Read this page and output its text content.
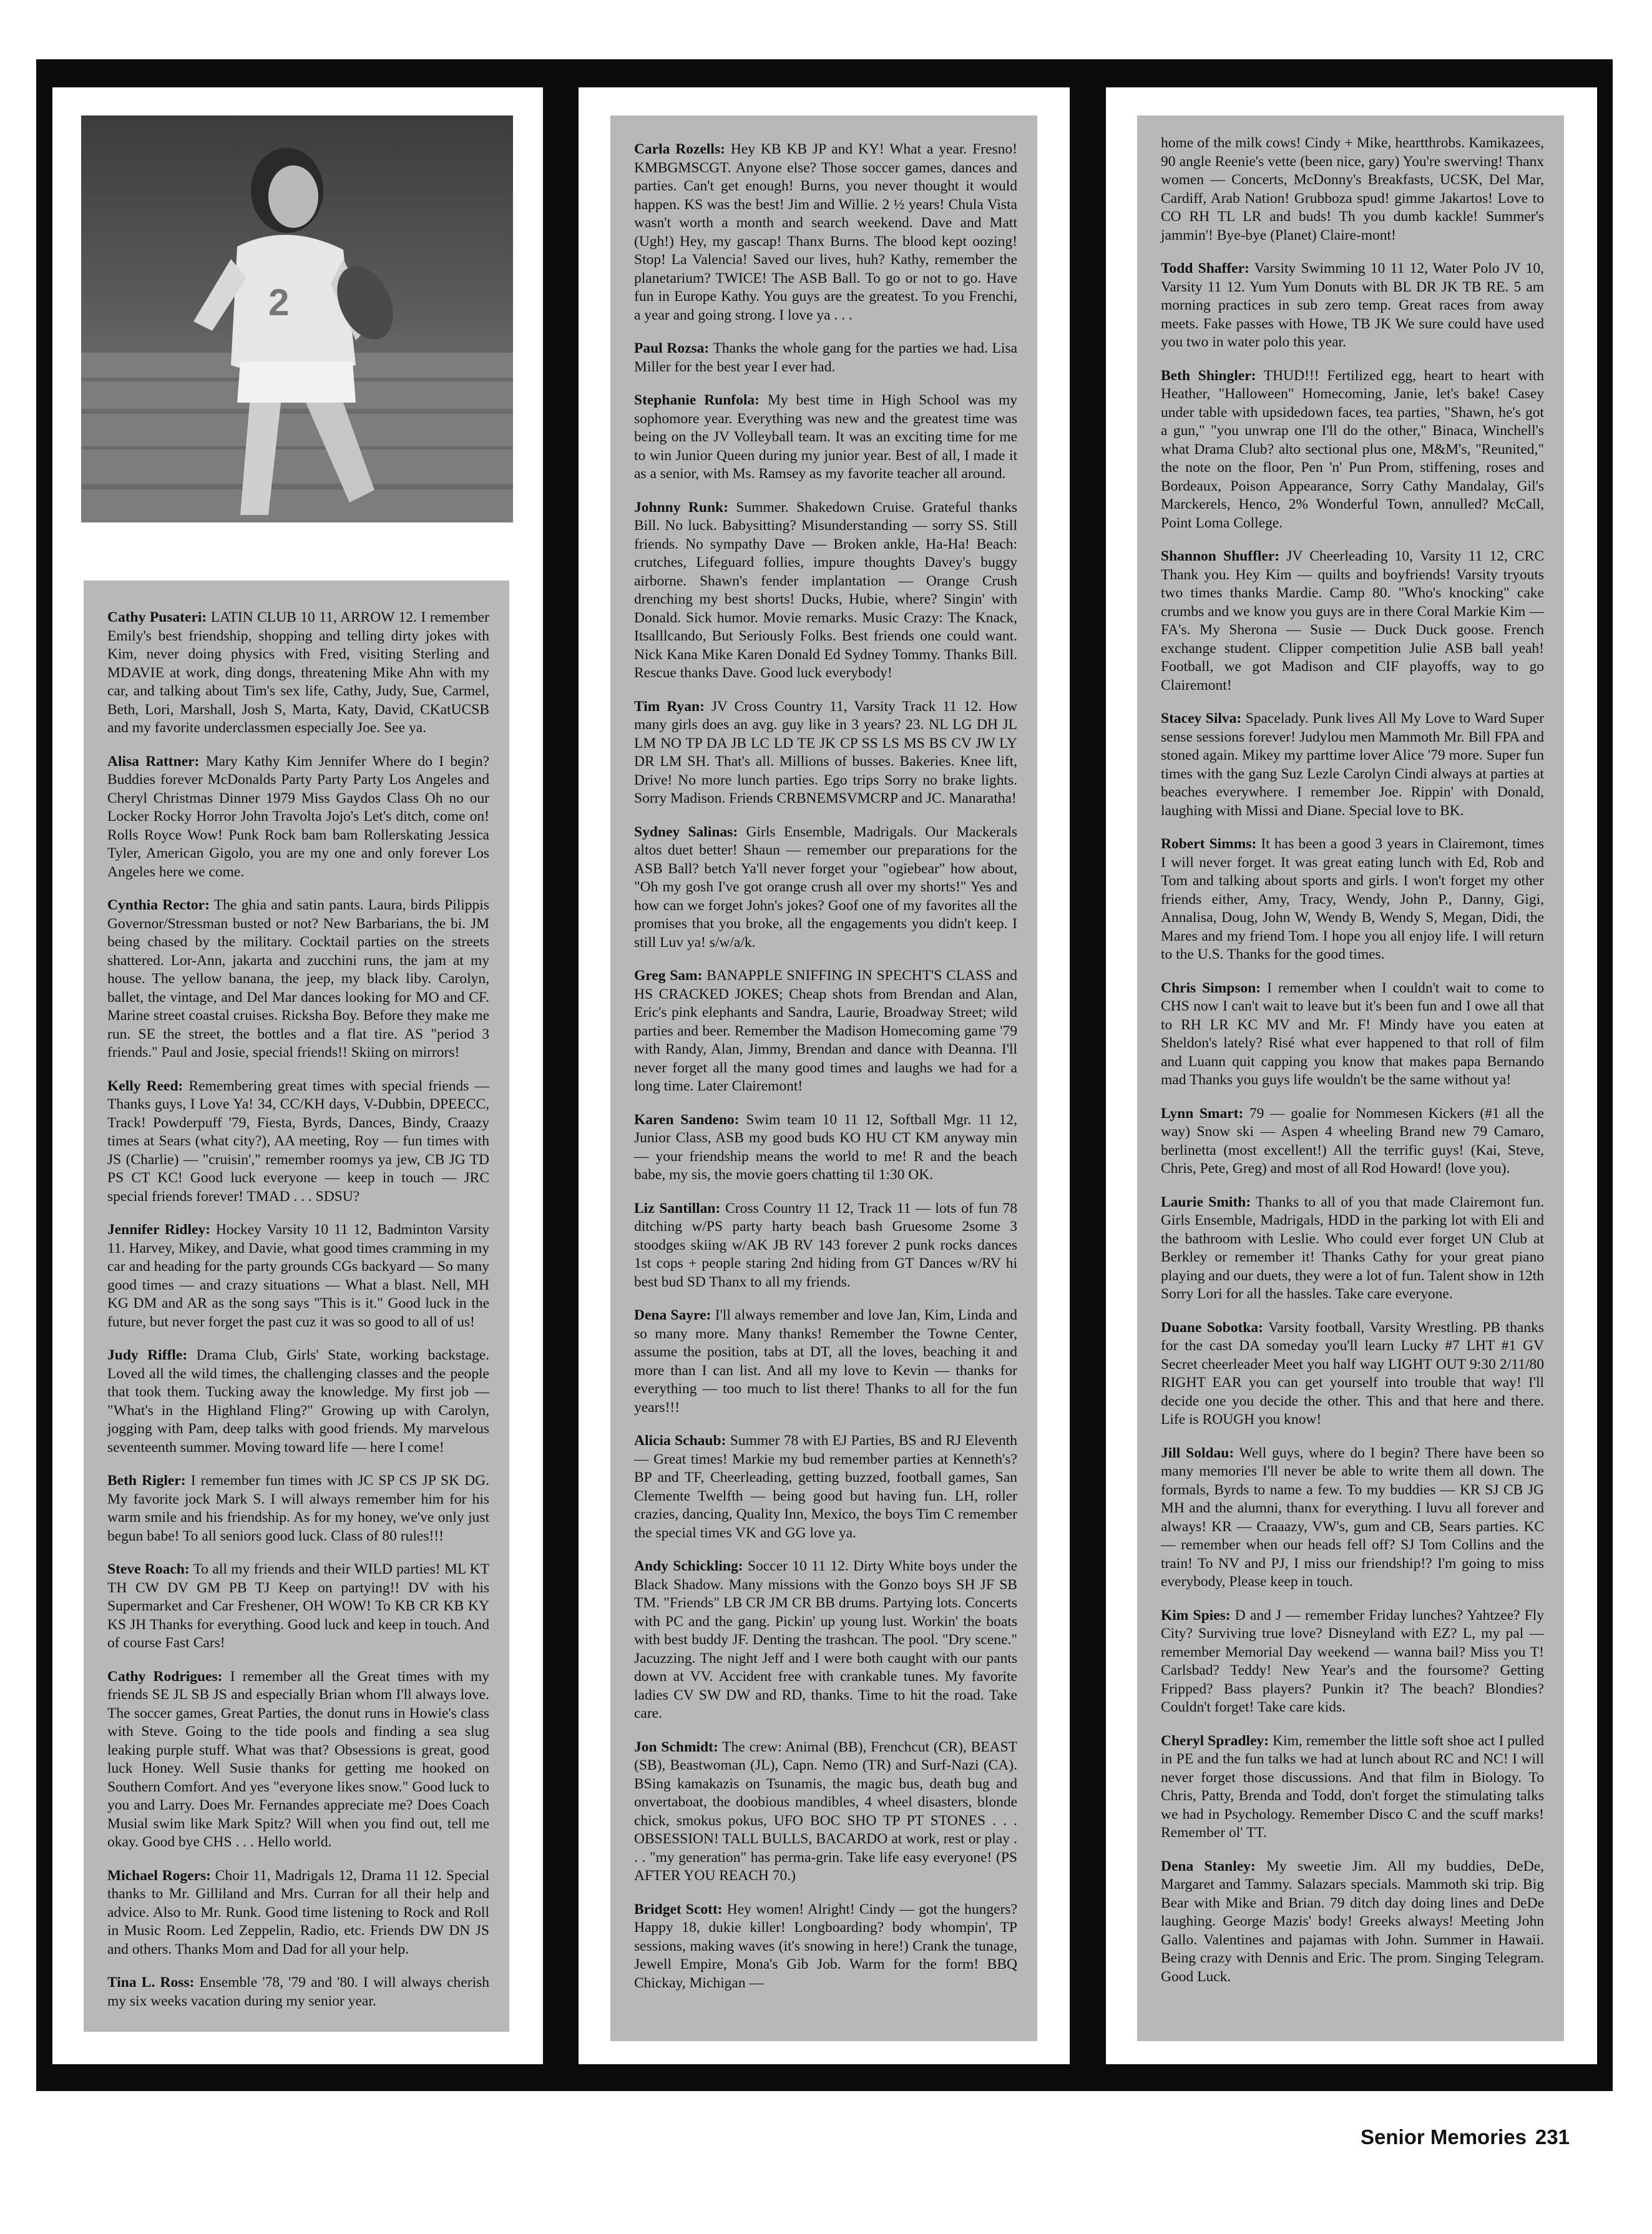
2

Cathy Pusateri: LATIN CLUB 10 11, ARROW 12. I remember Emily's best friendship, shopping and telling dirty jokes with Kim, never doing physics with Fred, visiting Sterling and MDAVIE at work, ding dongs, threatening Mike Ahn with my car, and talking about Tim's sex life, Cathy, Judy, Sue, Carmel, Beth, Lori, Marshall, Josh S, Marta, Katy, David, CKatUCSB and my favorite underclassmen especially Joe. See ya.

Alisa Rattner: Mary Kathy Kim Jennifer Where do I begin? Buddies forever McDonalds Party Party Party Los Angeles and Cheryl Christmas Dinner 1979 Miss Gaydos Class Oh no our Locker Rocky Horror John Travolta Jojo's Let's ditch, come on! Rolls Royce Wow! Punk Rock bam bam Rollerskating Jessica Tyler, American Gigolo, you are my one and only forever Los Angeles here we come.

Cynthia Rector: The ghia and satin pants. Laura, birds Pilippis Governor/Stressman busted or not? New Barbarians, the bi. JM being chased by the military. Cocktail parties on the streets shattered. Lor-Ann, jakarta and zucchini runs, the jam at my house. The yellow banana, the jeep, my black liby. Carolyn, ballet, the vintage, and Del Mar dances looking for MO and CF. Marine street coastal cruises. Ricksha Boy. Before they make me run. SE the street, the bottles and a flat tire. AS "period 3 friends." Paul and Josie, special friends!! Skiing on mirrors!

Kelly Reed: Remembering great times with special friends — Thanks guys, I Love Ya! 34, CC/KH days, V-Dubbin, DPEECC, Track! Powderpuff '79, Fiesta, Byrds, Dances, Bindy, Craazy times at Sears (what city?), AA meeting, Roy — fun times with JS (Charlie) — "cruisin'," remember roomys ya jew, CB JG TD PS CT KC! Good luck everyone — keep in touch — JRC special friends forever! TMAD . . . SDSU?

Jennifer Ridley: Hockey Varsity 10 11 12, Badminton Varsity 11. Harvey, Mikey, and Davie, what good times cramming in my car and heading for the party grounds CGs backyard — So many good times — and crazy situations — What a blast. Nell, MH KG DM and AR as the song says "This is it." Good luck in the future, but never forget the past cuz it was so good to all of us!

Judy Riffle: Drama Club, Girls' State, working backstage. Loved all the wild times, the challenging classes and the people that took them. Tucking away the knowledge. My first job — "What's in the Highland Fling?" Growing up with Carolyn, jogging with Pam, deep talks with good friends. My marvelous seventeenth summer. Moving toward life — here I come!

Beth Rigler: I remember fun times with JC SP CS JP SK DG. My favorite jock Mark S. I will always remember him for his warm smile and his friendship. As for my honey, we've only just begun babe! To all seniors good luck. Class of 80 rules!!!

Steve Roach: To all my friends and their WILD parties! ML KT TH CW DV GM PB TJ Keep on partying!! DV with his Supermarket and Car Freshener, OH WOW! To KB CR KB KY KS JH Thanks for everything. Good luck and keep in touch. And of course Fast Cars!

Cathy Rodrigues: I remember all the Great times with my friends SE JL SB JS and especially Brian whom I'll always love. The soccer games, Great Parties, the donut runs in Howie's class with Steve. Going to the tide pools and finding a sea slug leaking purple stuff. What was that? Obsessions is great, good luck Honey. Well Susie thanks for getting me hooked on Southern Comfort. And yes "everyone likes snow." Good luck to you and Larry. Does Mr. Fernandes appreciate me? Does Coach Musial swim like Mark Spitz? Will when you find out, tell me okay. Good bye CHS . . . Hello world.

Michael Rogers: Choir 11, Madrigals 12, Drama 11 12. Special thanks to Mr. Gilliland and Mrs. Curran for all their help and advice. Also to Mr. Runk. Good time listening to Rock and Roll in Music Room. Led Zeppelin, Radio, etc. Friends DW DN JS and others. Thanks Mom and Dad for all your help.

Tina L. Ross: Ensemble '78, '79 and '80. I will always cherish my six weeks vacation during my senior year.

Carla Rozells: Hey KB KB JP and KY! What a year. Fresno! KMBGMSCGT. Anyone else? Those soccer games, dances and parties. Can't get enough! Burns, you never thought it would happen. KS was the best! Jim and Willie. 2 ½ years! Chula Vista wasn't worth a month and search weekend. Dave and Matt (Ugh!) Hey, my gascap! Thanx Burns. The blood kept oozing! Stop! La Valencia! Saved our lives, huh? Kathy, remember the planetarium? TWICE! The ASB Ball. To go or not to go. Have fun in Europe Kathy. You guys are the greatest. To you Frenchi, a year and going strong. I love ya . . .

Paul Rozsa: Thanks the whole gang for the parties we had. Lisa Miller for the best year I ever had.

Stephanie Runfola: My best time in High School was my sophomore year. Everything was new and the greatest time was being on the JV Volleyball team. It was an exciting time for me to win Junior Queen during my junior year. Best of all, I made it as a senior, with Ms. Ramsey as my favorite teacher all around.

Johnny Runk: Summer. Shakedown Cruise. Grateful thanks Bill. No luck. Babysitting? Misunderstanding — sorry SS. Still friends. No sympathy Dave — Broken ankle, Ha-Ha! Beach: crutches, Lifeguard follies, impure thoughts Davey's buggy airborne. Shawn's fender implantation — Orange Crush drenching my best shorts! Ducks, Hubie, where? Singin' with Donald. Sick humor. Movie remarks. Music Crazy: The Knack, Itsalllcando, But Seriously Folks. Best friends one could want. Nick Kana Mike Karen Donald Ed Sydney Tommy. Thanks Bill. Rescue thanks Dave. Good luck everybody!

Tim Ryan: JV Cross Country 11, Varsity Track 11 12. How many girls does an avg. guy like in 3 years? 23. NL LG DH JL LM NO TP DA JB LC LD TE JK CP SS LS MS BS CV JW LY DR LM SH. That's all. Millions of busses. Bakeries. Knee lift, Drive! No more lunch parties. Ego trips Sorry no brake lights. Sorry Madison. Friends CRBNEMSVMCRP and JC. Manaratha!

Sydney Salinas: Girls Ensemble, Madrigals. Our Mackerals altos duet better! Shaun — remember our preparations for the ASB Ball? betch Ya'll never forget your "ogiebear" how about, "Oh my gosh I've got orange crush all over my shorts!" Yes and how can we forget John's jokes? Goof one of my favorites all the promises that you broke, all the engagements you didn't keep. I still Luv ya! s/w/a/k.

Greg Sam: BANAPPLE SNIFFING IN SPECHT'S CLASS and HS CRACKED JOKES; Cheap shots from Brendan and Alan, Eric's pink elephants and Sandra, Laurie, Broadway Street; wild parties and beer. Remember the Madison Homecoming game '79 with Randy, Alan, Jimmy, Brendan and dance with Deanna. I'll never forget all the many good times and laughs we had for a long time. Later Clairemont!

Karen Sandeno: Swim team 10 11 12, Softball Mgr. 11 12, Junior Class, ASB my good buds KO HU CT KM anyway min — your friendship means the world to me! R and the beach babe, my sis, the movie goers chatting til 1:30 OK.

Liz Santillan: Cross Country 11 12, Track 11 — lots of fun 78 ditching w/PS party harty beach bash Gruesome 2some 3 stoodges skiing w/AK JB RV 143 forever 2 punk rocks dances 1st cops + people staring 2nd hiding from GT Dances w/RV hi best bud SD Thanx to all my friends.

Dena Sayre: I'll always remember and love Jan, Kim, Linda and so many more. Many thanks! Remember the Towne Center, assume the position, tabs at DT, all the loves, beaching it and more than I can list. And all my love to Kevin — thanks for everything — too much to list there! Thanks to all for the fun years!!!

Alicia Schaub: Summer 78 with EJ Parties, BS and RJ Eleventh — Great times! Markie my bud remember parties at Kenneth's? BP and TF, Cheerleading, getting buzzed, football games, San Clemente Twelfth — being good but having fun. LH, roller crazies, dancing, Quality Inn, Mexico, the boys Tim C remember the special times VK and GG love ya.

Andy Schickling: Soccer 10 11 12. Dirty White boys under the Black Shadow. Many missions with the Gonzo boys SH JF SB TM. "Friends" LB CR JM CR BB drums. Partying lots. Concerts with PC and the gang. Pickin' up young lust. Workin' the boats with best buddy JF. Denting the trashcan. The pool. "Dry scene." Jacuzzing. The night Jeff and I were both caught with our pants down at VV. Accident free with crankable tunes. My favorite ladies CV SW DW and RD, thanks. Time to hit the road. Take care.

Jon Schmidt: The crew: Animal (BB), Frenchcut (CR), BEAST (SB), Beastwoman (JL), Capn. Nemo (TR) and Surf-Nazi (CA). BSing kamakazis on Tsunamis, the magic bus, death bug and onvertaboat, the doobious mandibles, 4 wheel disasters, blonde chick, smokus pokus, UFO BOC SHO TP PT STONES . . . OBSESSION! TALL BULLS, BACARDO at work, rest or play . . . "my generation" has perma-grin. Take life easy everyone! (PS AFTER YOU REACH 70.)

Bridget Scott: Hey women! Alright! Cindy — got the hungers? Happy 18, dukie killer! Longboarding? body whompin', TP sessions, making waves (it's snowing in here!) Crank the tunage, Jewell Empire, Mona's Gib Job. Warm for the form! BBQ Chickay, Michigan —

home of the milk cows! Cindy + Mike, heartthrobs. Kamikazees, 90 angle Reenie's vette (been nice, gary) You're swerving! Thanx women — Concerts, McDonny's Breakfasts, UCSK, Del Mar, Cardiff, Arab Nation! Grubboza spud! gimme Jakartos! Love to CO RH TL LR and buds! Th you dumb kackle! Summer's jammin'! Bye-bye (Planet) Claire-mont!

Todd Shaffer: Varsity Swimming 10 11 12, Water Polo JV 10, Varsity 11 12. Yum Yum Donuts with BL DR JK TB RE. 5 am morning practices in sub zero temp. Great races from away meets. Fake passes with Howe, TB JK We sure could have used you two in water polo this year.

Beth Shingler: THUD!!! Fertilized egg, heart to heart with Heather, "Halloween" Homecoming, Janie, let's bake! Casey under table with upsidedown faces, tea parties, "Shawn, he's got a gun," "you unwrap one I'll do the other," Binaca, Winchell's what Drama Club? alto sectional plus one, M&M's, "Reunited," the note on the floor, Pen 'n' Pun Prom, stiffening, roses and Bordeaux, Poison Appearance, Sorry Cathy Mandalay, Gil's Marckerels, Henco, 2% Wonderful Town, annulled? McCall, Point Loma College.

Shannon Shuffler: JV Cheerleading 10, Varsity 11 12, CRC Thank you. Hey Kim — quilts and boyfriends! Varsity tryouts two times thanks Mardie. Camp 80. "Who's knocking" cake crumbs and we know you guys are in there Coral Markie Kim — FA's. My Sheronа — Susie — Duck Duck goose. French exchange student. Clipper competition Julie ASB ball yeah! Football, we got Madison and CIF playoffs, way to go Clairemont!

Stacey Silva: Spacelady. Punk lives All My Love to Ward Super sense sessions forever! Judylou men Mammoth Mr. Bill FPA and stoned again. Mikey my parttime lover Alice '79 more. Super fun times with the gang Suz Lezle Carolyn Cindi always at parties at beaches everywhere. I remember Joe. Rippin' with Donald, laughing with Missi and Diane. Special love to BK.

Robert Simms: It has been a good 3 years in Clairemont, times I will never forget. It was great eating lunch with Ed, Rob and Tom and talking about sports and girls. I won't forget my other friends either, Amy, Tracy, Wendy, John P., Danny, Gigi, Annalisa, Doug, John W, Wendy B, Wendy S, Megan, Didi, the Mares and my friend Tom. I hope you all enjoy life. I will return to the U.S. Thanks for the good times.

Chris Simpson: I remember when I couldn't wait to come to CHS now I can't wait to leave but it's been fun and I owe all that to RH LR KC MV and Mr. F! Mindy have you eaten at Sheldon's lately? Risé what ever happened to that roll of film and Luann quit capping you know that makes papa Bernando mad Thanks you guys life wouldn't be the same without ya!

Lynn Smart: 79 — goalie for Nommesen Kickers (#1 all the way) Snow ski — Aspen 4 wheeling Brand new 79 Camaro, berlinetta (most excellent!) All the terrific guys! (Kai, Steve, Chris, Pete, Greg) and most of all Rod Howard! (love you).

Laurie Smith: Thanks to all of you that made Clairemont fun. Girls Ensemble, Madrigals, HDD in the parking lot with Eli and the bathroom with Leslie. Who could ever forget UN Club at Berkley or remember it! Thanks Cathy for your great piano playing and our duets, they were a lot of fun. Talent show in 12th Sorry Lori for all the hassles. Take care everyone.

Duane Sobotka: Varsity football, Varsity Wrestling. PB thanks for the cast DA someday you'll learn Lucky #7 LHT #1 GV Secret cheerleader Meet you half way LIGHT OUT 9:30 2/11/80 RIGHT EAR you can get yourself into trouble that way! I'll decide one you decide the other. This and that here and there. Life is ROUGH you know!

Jill Soldau: Well guys, where do I begin? There have been so many memories I'll never be able to write them all down. The formals, Byrds to name a few. To my buddies — KR SJ CB JG MH and the alumni, thanx for everything. I luvu all forever and always! KR — Craaazy, VW's, gum and CB, Sears parties. KC — remember when our heads fell off? SJ Tom Collins and the train! To NV and PJ, I miss our friendship!? I'm going to miss everybody, Please keep in touch.

Kim Spies: D and J — remember Friday lunches? Yahtzee? Fly City? Surviving true love? Disneyland with EZ? L, my pal — remember Memorial Day weekend — wanna bail? Miss you T! Carlsbad? Teddy! New Year's and the foursome? Getting Fripped? Bass players? Punkin it? The beach? Blondies? Couldn't forget! Take care kids.

Cheryl Spradley: Kim, remember the little soft shoe act I pulled in PE and the fun talks we had at lunch about RC and NC! I will never forget those discussions. And that film in Biology. To Chris, Patty, Brenda and Todd, don't forget the stimulating talks we had in Psychology. Remember Disco C and the scuff marks! Remember ol' TT.

Dena Stanley: My sweetie Jim. All my buddies, DeDe, Margaret and Tammy. Salazars specials. Mammoth ski trip. Big Bear with Mike and Brian. 79 ditch day doing lines and DeDe laughing. George Mazis' body! Greeks always! Meeting John Gallo. Valentines and pajamas with John. Summer in Hawaii. Being crazy with Dennis and Eric. The prom. Singing Telegram. Good Luck.

Senior Memories 231
